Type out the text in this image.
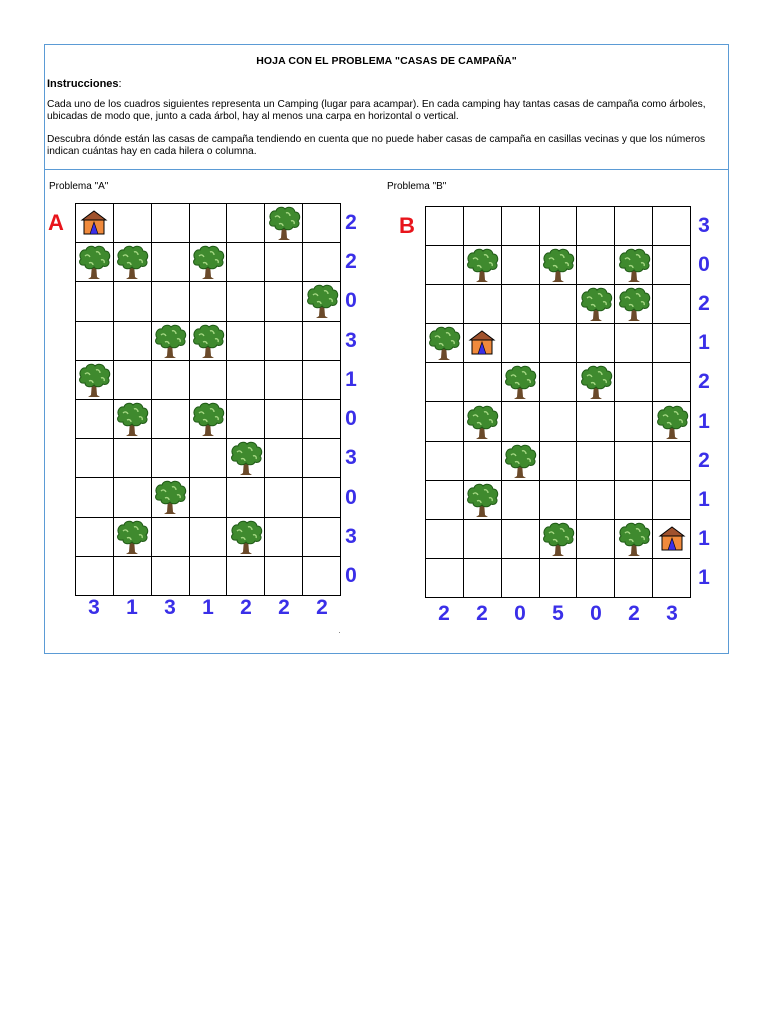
HOJA CON EL PROBLEMA "CASAS DE CAMPAÑA"
Instrucciones:
Cada uno de los cuadros siguientes representa un Camping (lugar para acampar). En cada camping hay tantas casas de campaña como árboles, ubicadas de modo que, junto a cada árbol, hay al menos una carpa en horizontal o vertical.
Descubra dónde están las casas de campaña tendiendo en cuenta que no puede haber casas de campaña en casillas vecinas y que los números indican cuántas hay en cada hilera o columna.
Problema "A"	Problema "B"
A	B
2
2
0
3
1
0
3
0
3
0
3 1 3 1 2 2 2
3
0
2
1
2
1
2
1
1
1
2 2 0 5 0 2 3
